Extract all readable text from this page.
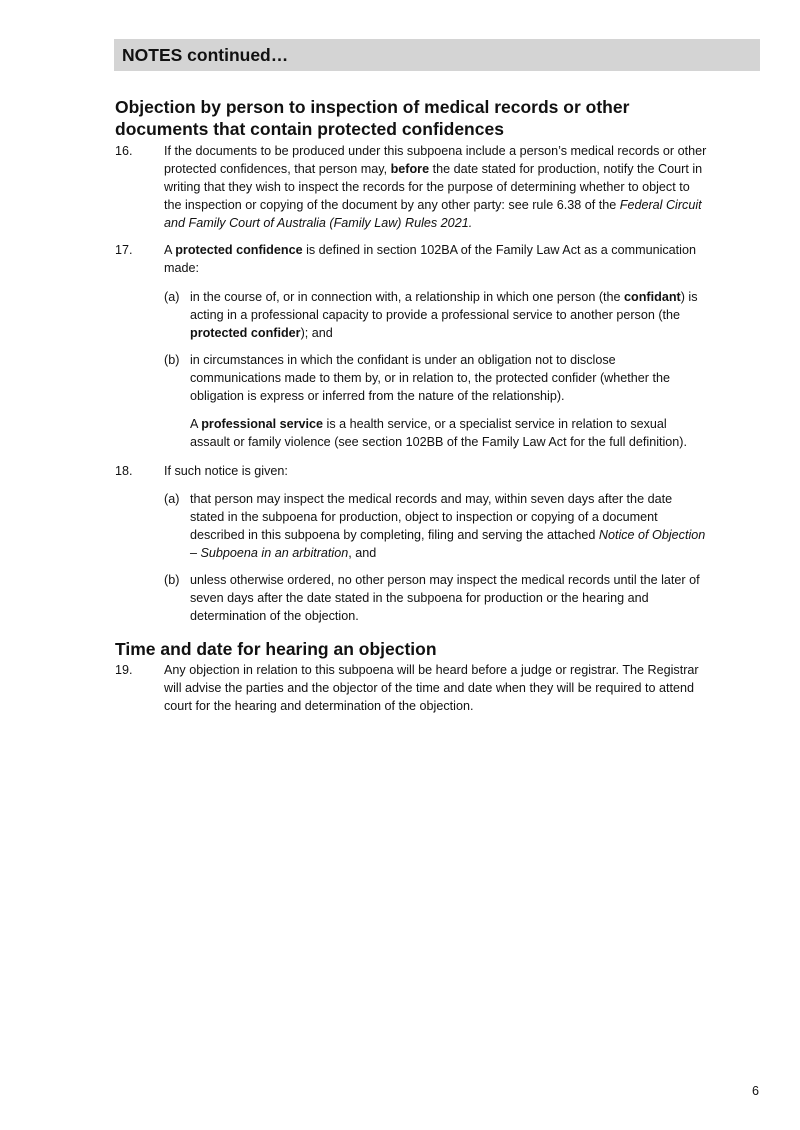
NOTES continued…
Objection by person to inspection of medical records or other
documents that contain protected confidences
16. If the documents to be produced under this subpoena include a person’s medical records or other
protected confidences, that person may, before the date stated for production, notify the Court in
writing that they wish to inspect the records for the purpose of determining whether to object to
the inspection or copying of the document by any other party: see rule 6.38 of the Federal Circuit
and Family Court of Australia (Family Law) Rules 2021.
17. A protected confidence is defined in section 102BA of the Family Law Act as a communication
made:
(a) in the course of, or in connection with, a relationship in which one person (the confidant) is
acting in a professional capacity to provide a professional service to another person (the
protected confider); and
(b) in circumstances in which the confidant is under an obligation not to disclose
communications made to them by, or in relation to, the protected confider (whether the
obligation is express or inferred from the nature of the relationship).
A professional service is a health service, or a specialist service in relation to sexual
assault or family violence (see section 102BB of the Family Law Act for the full definition).
18. If such notice is given:
(a) that person may inspect the medical records and may, within seven days after the date
stated in the subpoena for production, object to inspection or copying of a document
described in this subpoena by completing, filing and serving the attached Notice of Objection
– Subpoena in an arbitration, and
(b) unless otherwise ordered, no other person may inspect the medical records until the later of
seven days after the date stated in the subpoena for production or the hearing and
determination of the objection.
Time and date for hearing an objection
19. Any objection in relation to this subpoena will be heard before a judge or registrar. The Registrar
will advise the parties and the objector of the time and date when they will be required to attend
court for the hearing and determination of the objection.
6
